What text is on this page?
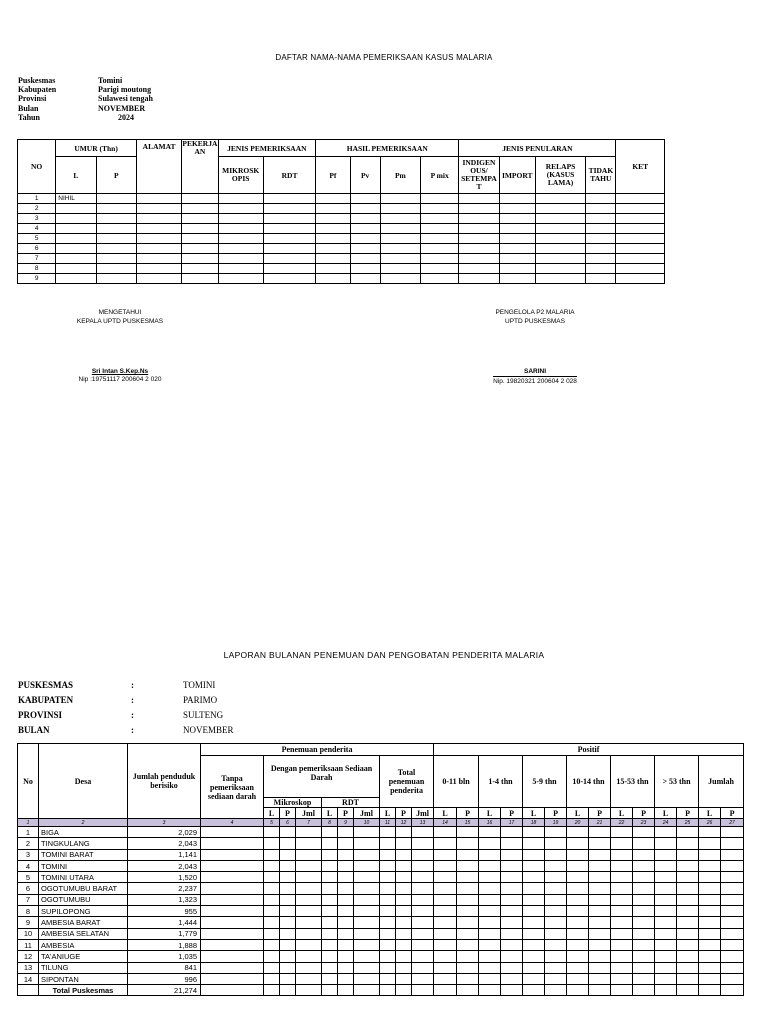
DAFTAR NAMA-NAMA PEMERIKSAAN KASUS MALARIA
Puskesmas	Tomini
Kabupaten	Parigi moutong
Provinsi	Sulawesi tengah
Bulan	NOVEMBER
Tahun	2024
NO	UMUR (Thn)		ALAMAT	PEKERJA AN	JENIS PEMERIKSAAN		HASIL PEMERIKSAAN				JENIS PENULARAN				KET
	L	P			MIKROSK OPIS	RDT	Pf	Pv	Pm	P mix	INDIGEN OUS/ SETEMPA T	IMPORT	RELAPS (KASUS LAMA)	TIDAK TAHU	
1	NIHIL														
2															
3															
4															
5															
6															
7															
8															
9															
MENGETAHUI
KEPALA UPTD PUSKESMAS
Sri Intan S.Kep.Ns
Nip :19751117 200604 2 020
PENGELOLA P2 MALARIA
UPTD PUSKESMAS
SARINI
Nip. 19820321 200604 2 028
LAPORAN BULANAN PENEMUAN DAN PENGOBATAN PENDERITA MALARIA
PUSKESMAS	:	TOMINI
KABUPATEN	:	PARIMO
PROVINSI	:	SULTENG
BULAN	:	NOVEMBER
No	Desa	Jumlah penduduk berisiko	Penemuan penderita										Positif													
			Tanpa pemeriksaan sediaan darah	Dengan pemeriksaan Sediaan Darah						Total penemuan penderita			0-11 bln		1-4 thn		5-9 thn		10-14 thn		15-53 thn		> 53 thn		Jumlah	
				Mikroskop			RDT																			
				L	P	Jml	L	P	Jml	L	P	Jml	L	P	L	P	L	P	L	P	L	P	L	P	L	P
1	2	3	4	5	6	7	8	9	10	11	12	13	14	15	16	17	18	19	20	21	22	23	24	25	26	27
1	BIGA	2,029																								
2	TINGKULANG	2,043																								
3	TOMINI BARAT	1,141																								
4	TOMINI	2,043																								
5	TOMINI UTARA	1,520																								
6	OGOTUMUBU BARAT	2,237																								
7	OGOTUMUBU	1,323																								
8	SUPILOPONG	955																								
9	AMBESIA BARAT	1,444																								
10	AMBESIA SELATAN	1,779																								
11	AMBESIA	1,888																								
12	TA'ANIUGE	1,035																								
13	TILUNG	841																								
14	SIPONTAN	996																								
	Total Puskesmas	21,274																								
